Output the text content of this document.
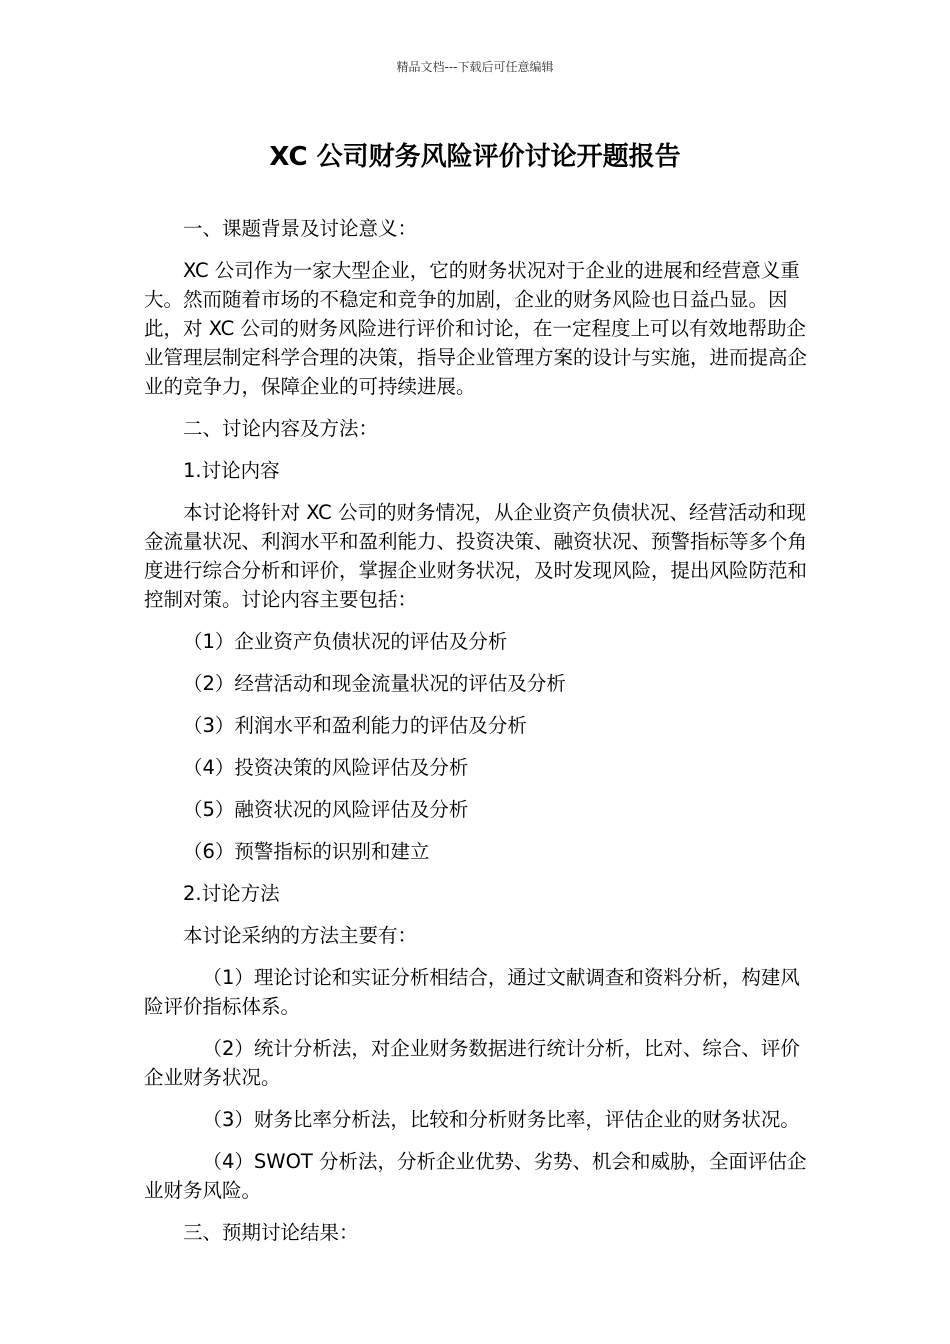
精品文档---下载后可任意编辑
XC 公司财务风险评价讨论开题报告

一、课题背景及讨论意义：

XC 公司作为一家大型企业，它的财务状况对于企业的进展和经营意义重大。然而随着市场的不稳定和竞争的加剧，企业的财务风险也日益凸显。因此，对 XC 公司的财务风险进行评价和讨论，在一定程度上可以有效地帮助企业管理层制定科学合理的决策，指导企业管理方案的设计与实施，进而提高企业的竞争力，保障企业的可持续进展。

二、讨论内容及方法：

1.讨论内容

本讨论将针对 XC 公司的财务情况，从企业资产负债状况、经营活动和现金流量状况、利润水平和盈利能力、投资决策、融资状况、预警指标等多个角度进行综合分析和评价，掌握企业财务状况，及时发现风险，提出风险防范和控制对策。讨论内容主要包括：

（1）企业资产负债状况的评估及分析

（2）经营活动和现金流量状况的评估及分析

（3）利润水平和盈利能力的评估及分析

（4）投资决策的风险评估及分析

（5）融资状况的风险评估及分析

（6）预警指标的识别和建立

2.讨论方法

本讨论采纳的方法主要有：

（1）理论讨论和实证分析相结合，通过文献调查和资料分析，构建风险评价指标体系。

（2）统计分析法，对企业财务数据进行统计分析，比对、综合、评价企业财务状况。

（3）财务比率分析法，比较和分析财务比率，评估企业的财务状况。

（4）SWOT 分析法，分析企业优势、劣势、机会和威胁，全面评估企业财务风险。

三、预期讨论结果：
